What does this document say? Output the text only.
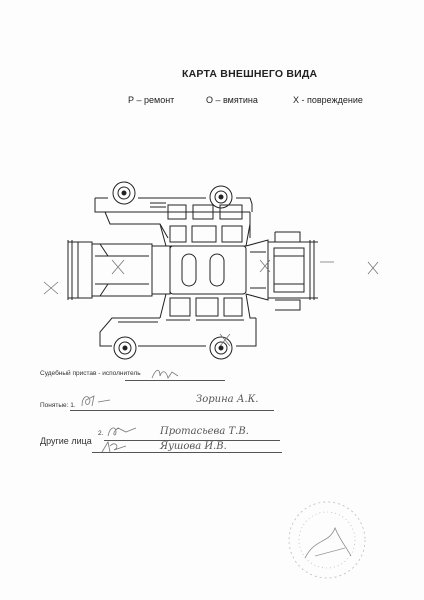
КАРТА ВНЕШНЕГО ВИДА
Р – ремонт	О – вмятина	Х - повреждение
Судебный пристав - исполнитель
Понятые: 1.
Зорина А.К.
2.	Протасьева Т.В.
Другие лица	Яушова И.В.
